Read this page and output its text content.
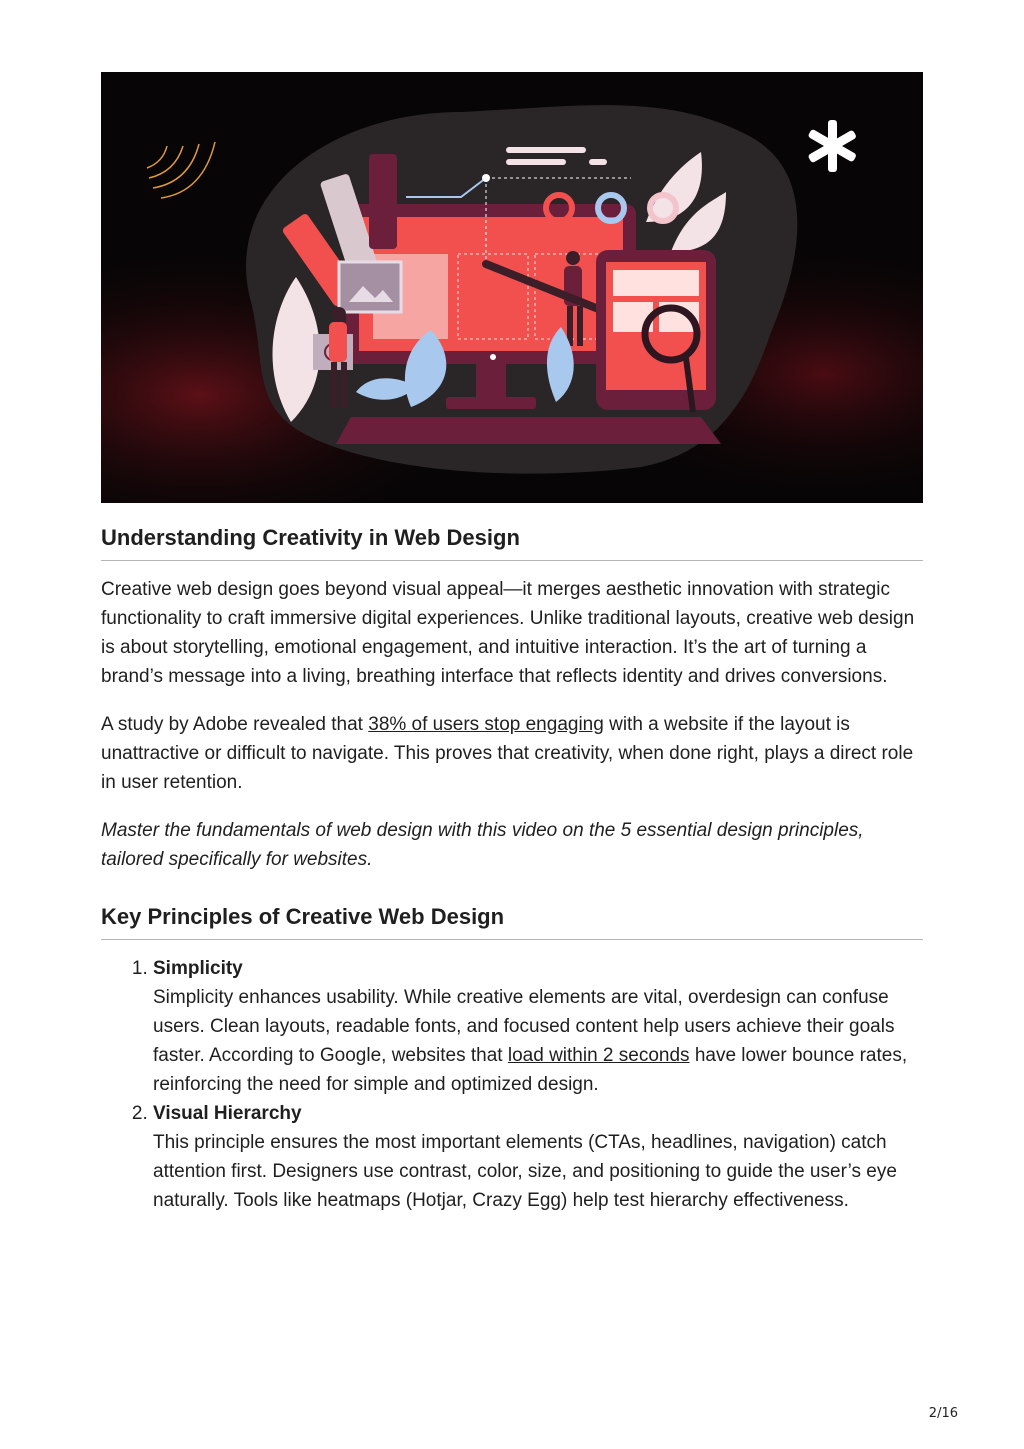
Understanding Creativity in Web Design

Creative web design goes beyond visual appeal—it merges aesthetic innovation with strategic functionality to craft immersive digital experiences. Unlike traditional layouts, creative web design is about storytelling, emotional engagement, and intuitive interaction. It’s the art of turning a brand’s message into a living, breathing interface that reflects identity and drives conversions.

A study by Adobe revealed that 38% of users stop engaging with a website if the layout is unattractive or difficult to navigate. This proves that creativity, when done right, plays a direct role in user retention.

Master the fundamentals of web design with this video on the 5 essential design principles, tailored specifically for websites.

Key Principles of Creative Web Design
1. Simplicity
Simplicity enhances usability. While creative elements are vital, overdesign can confuse users. Clean layouts, readable fonts, and focused content help users achieve their goals faster. According to Google, websites that load within 2 seconds have lower bounce rates, reinforcing the need for simple and optimized design.
2. Visual Hierarchy
This principle ensures the most important elements (CTAs, headlines, navigation) catch attention first. Designers use contrast, color, size, and positioning to guide the user’s eye naturally. Tools like heatmaps (Hotjar, Crazy Egg) help test hierarchy effectiveness.
2/16
